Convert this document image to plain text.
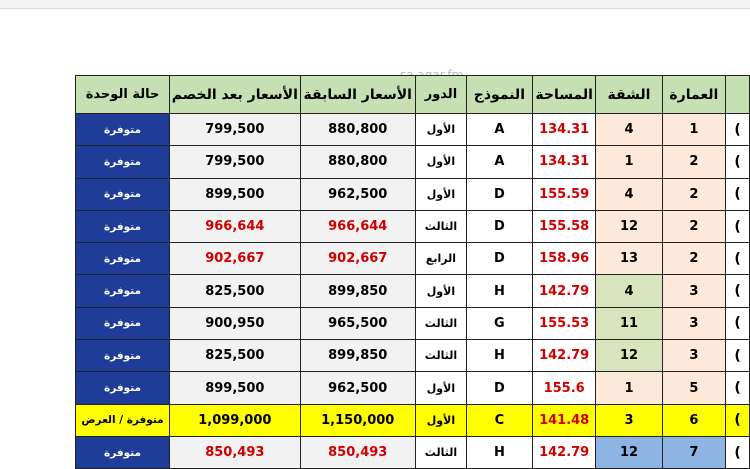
حالة الوحدة	الأسعار بعد الخصم	الأسعار السابقة	الدور	النموذج	المساحة	الشقة	العمارة	
متوفرة	799,500	880,800	الأول	A	134.31	4	1	(
متوفرة	799,500	880,800	الأول	A	134.31	1	2	(
متوفرة	899,500	962,500	الأول	D	155.59	4	2	(
متوفرة	966,644	966,644	الثالث	D	155.58	12	2	(
متوفرة	902,667	902,667	الرابع	D	158.96	13	2	(
متوفرة	825,500	899,850	الأول	H	142.79	4	3	(
متوفرة	900,950	965,500	الثالث	G	155.53	11	3	(
متوفرة	825,500	899,850	الثالث	H	142.79	12	3	(
متوفرة	899,500	962,500	الأول	D	155.6	1	5	(
متوفرة / العرض	1,099,000	1,150,000	الأول	C	141.48	3	6	(
متوفرة	850,493	850,493	الثالث	H	142.79	12	7	(
